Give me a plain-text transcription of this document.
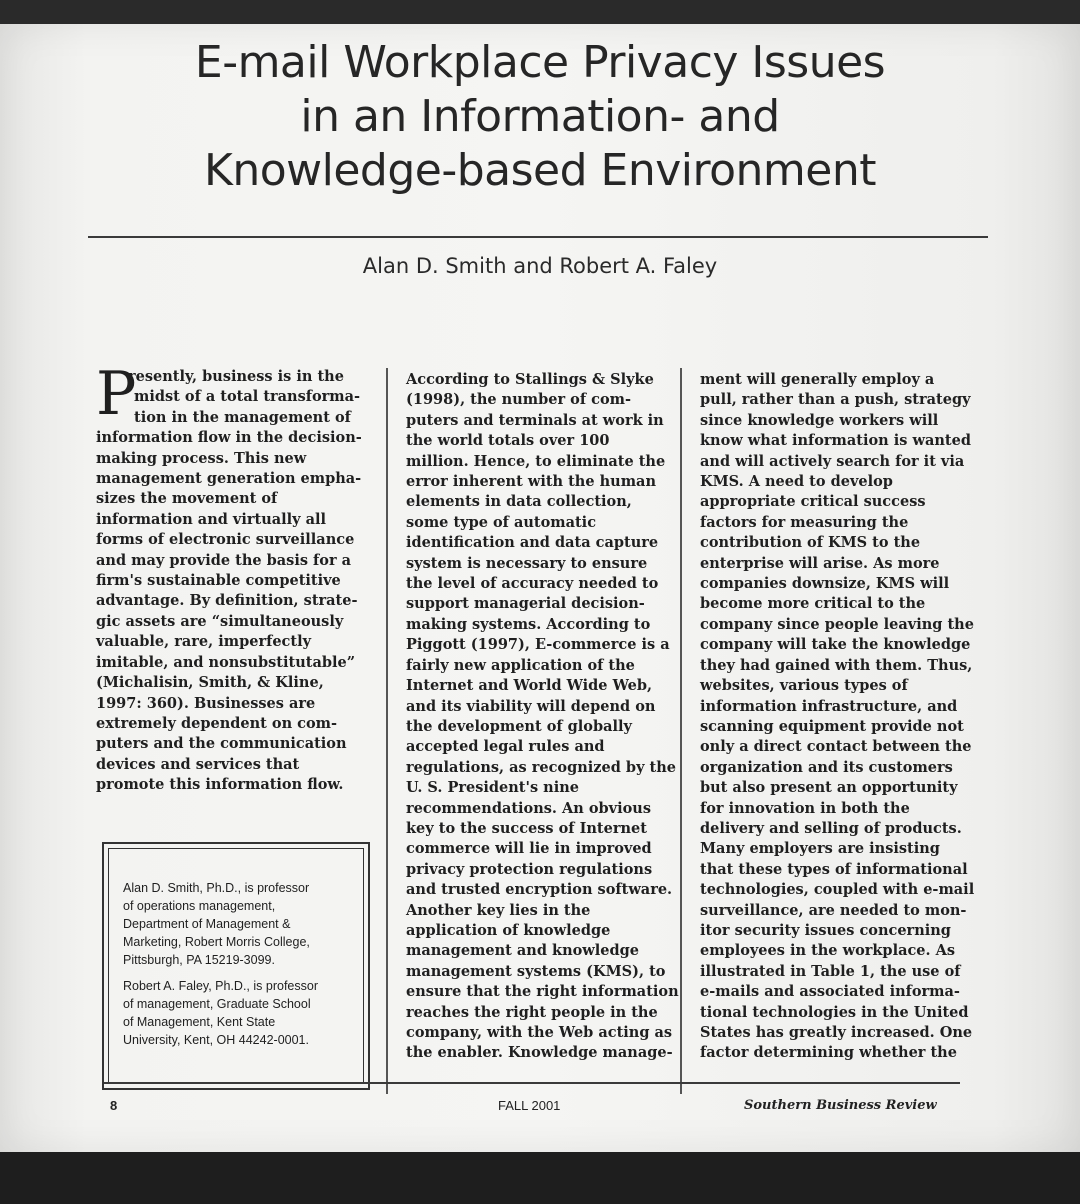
E-mail Workplace Privacy Issues
in an Information- and
Knowledge-based Environment
Alan D. Smith and Robert A. Faley
P

resently, business is in the

midst of a total transforma-

tion in the management of

information flow in the decision-

making process. This new

management generation empha-

sizes the movement of

information and virtually all

forms of electronic surveillance

and may provide the basis for a

firm's sustainable competitive

advantage. By definition, strate-

gic assets are “simultaneously

valuable, rare, imperfectly

imitable, and nonsubstitutable”

(Michalisin, Smith, & Kline,

1997: 360). Businesses are

extremely dependent on com-

puters and the communication

devices and services that

promote this information flow.

Alan D. Smith, Ph.D., is professor
of operations management,
Department of Management &
Marketing, Robert Morris College,
Pittsburgh, PA 15219-3099.

Robert A. Faley, Ph.D., is professor
of management, Graduate School
of Management, Kent State
University, Kent, OH 44242-0001.

According to Stallings & Slyke

(1998), the number of com-

puters and terminals at work in

the world totals over 100

million. Hence, to eliminate the

error inherent with the human

elements in data collection,

some type of automatic

identification and data capture

system is necessary to ensure

the level of accuracy needed to

support managerial decision-

making systems. According to

Piggott (1997), E-commerce is a

fairly new application of the

Internet and World Wide Web,

and its viability will depend on

the development of globally

accepted legal rules and

regulations, as recognized by the

U. S. President's nine

recommendations. An obvious

key to the success of Internet

commerce will lie in improved

privacy protection regulations

and trusted encryption software.

Another key lies in the

application of knowledge

management and knowledge

management systems (KMS), to

ensure that the right information

reaches the right people in the

company, with the Web acting as

the enabler. Knowledge manage-

ment will generally employ a

pull, rather than a push, strategy

since knowledge workers will

know what information is wanted

and will actively search for it via

KMS. A need to develop

appropriate critical success

factors for measuring the

contribution of KMS to the

enterprise will arise. As more

companies downsize, KMS will

become more critical to the

company since people leaving the

company will take the knowledge

they had gained with them. Thus,

websites, various types of

information infrastructure, and

scanning equipment provide not

only a direct contact between the

organization and its customers

but also present an opportunity

for innovation in both the

delivery and selling of products.

Many employers are insisting

that these types of informational

technologies, coupled with e-mail

surveillance, are needed to mon-

itor security issues concerning

employees in the workplace. As

illustrated in Table 1, the use of

e-mails and associated informa-

tional technologies in the United

States has greatly increased. One

factor determining whether the

8	FALL 2001	Southern Business Review
